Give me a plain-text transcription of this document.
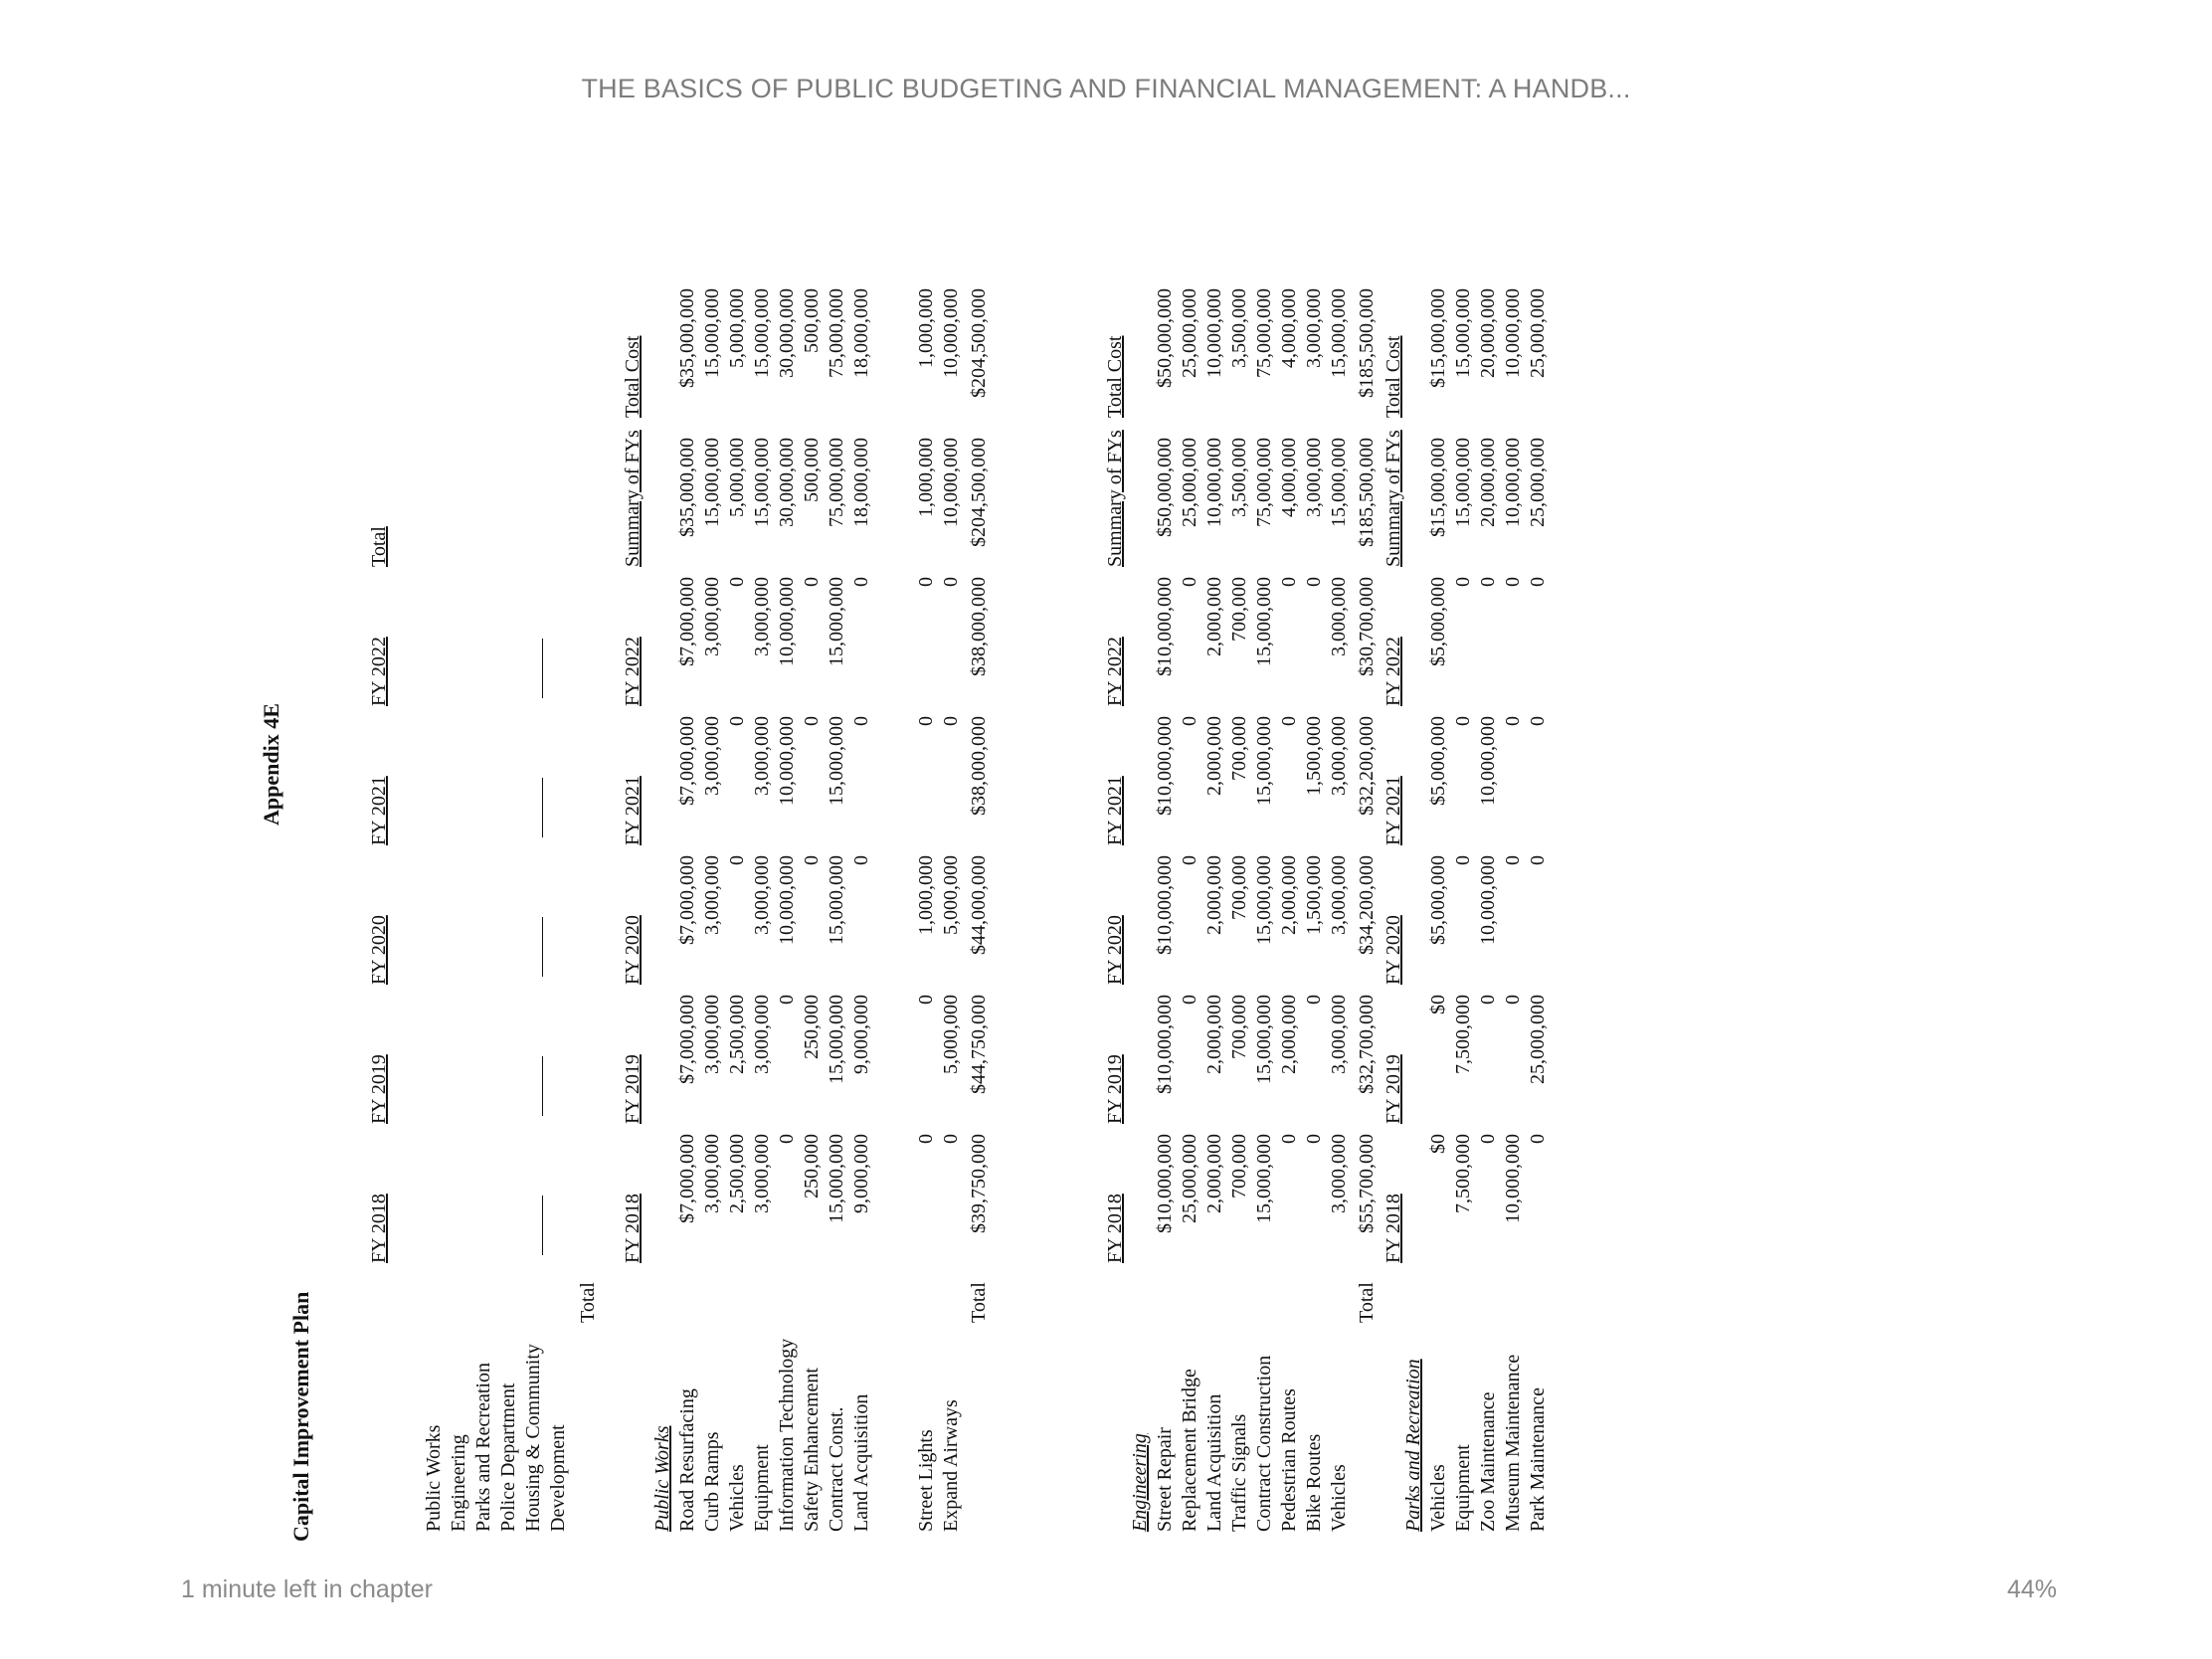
THE BASICS OF PUBLIC BUDGETING AND FINANCIAL MANAGEMENT: A HANDB...
Capital Improvement Plan
Appendix 4E
FY 2018
FY 2019
FY 2020
FY 2021
FY 2022
Total
Public Works Engineering Parks and Recreation Police Department Housing & Community Development
Total
Public Works
FY 2018
FY 2019
FY 2020
FY 2021
FY 2022
Summary of FYs
Total Cost
Road Resurfacing
$7,000,000
$7,000,000
$7,000,000
$7,000,000
$7,000,000
$35,000,000
$35,000,000
Curb Ramps
3,000,000
3,000,000
3,000,000
3,000,000
3,000,000
15,000,000
15,000,000
Vehicles
2,500,000
2,500,000
0
0
0
5,000,000
5,000,000
Equipment
3,000,000
3,000,000
3,000,000
3,000,000
3,000,000
15,000,000
15,000,000
Information Technology
0
0
10,000,000
10,000,000
10,000,000
30,000,000
30,000,000
Safety Enhancement
250,000
250,000
0
0
0
500,000
500,000
Contract Const.
15,000,000
15,000,000
15,000,000
15,000,000
15,000,000
75,000,000
75,000,000
Land Acquisition
9,000,000
9,000,000
0
0
0
18,000,000
18,000,000
Street Lights
0
0
1,000,000
0
0
1,000,000
1,000,000
Expand Airways
0
5,000,000
5,000,000
0
0
10,000,000
10,000,000
Total
$39,750,000
$44,750,000
$44,000,000
$38,000,000
$38,000,000
$204,500,000
$204,500,000
Engineering
FY 2018
FY 2019
FY 2020
FY 2021
FY 2022
Summary of FYs
Total Cost
Street Repair
$10,000,000
$10,000,000
$10,000,000
$10,000,000
$10,000,000
$50,000,000
$50,000,000
Replacement Bridge
25,000,000
0
0
0
0
25,000,000
25,000,000
Land Acquisition
2,000,000
2,000,000
2,000,000
2,000,000
2,000,000
10,000,000
10,000,000
Traffic Signals
700,000
700,000
700,000
700,000
700,000
3,500,000
3,500,000
Contract Construction
15,000,000
15,000,000
15,000,000
15,000,000
15,000,000
75,000,000
75,000,000
Pedestrian Routes
0
2,000,000
2,000,000
0
0
4,000,000
4,000,000
Bike Routes
0
0
1,500,000
1,500,000
0
3,000,000
3,000,000
Vehicles
3,000,000
3,000,000
3,000,000
3,000,000
3,000,000
15,000,000
15,000,000
Total
$55,700,000
$32,700,000
$34,200,000
$32,200,000
$30,700,000
$185,500,000
$185,500,000
Parks and Recreation
FY 2018
FY 2019
FY 2020
FY 2021
FY 2022
Summary of FYs
Total Cost
Vehicles
$0
$0
$5,000,000
$5,000,000
$5,000,000
$15,000,000
$15,000,000
Equipment
7,500,000
7,500,000
0
0
0
15,000,000
15,000,000
Zoo Maintenance
0
0
10,000,000
10,000,000
0
20,000,000
20,000,000
Museum Maintenance
10,000,000
0
0
0
0
10,000,000
10,000,000
Park Maintenance
0
25,000,000
0
0
0
25,000,000
25,000,000
1 minute left in chapter	44%
